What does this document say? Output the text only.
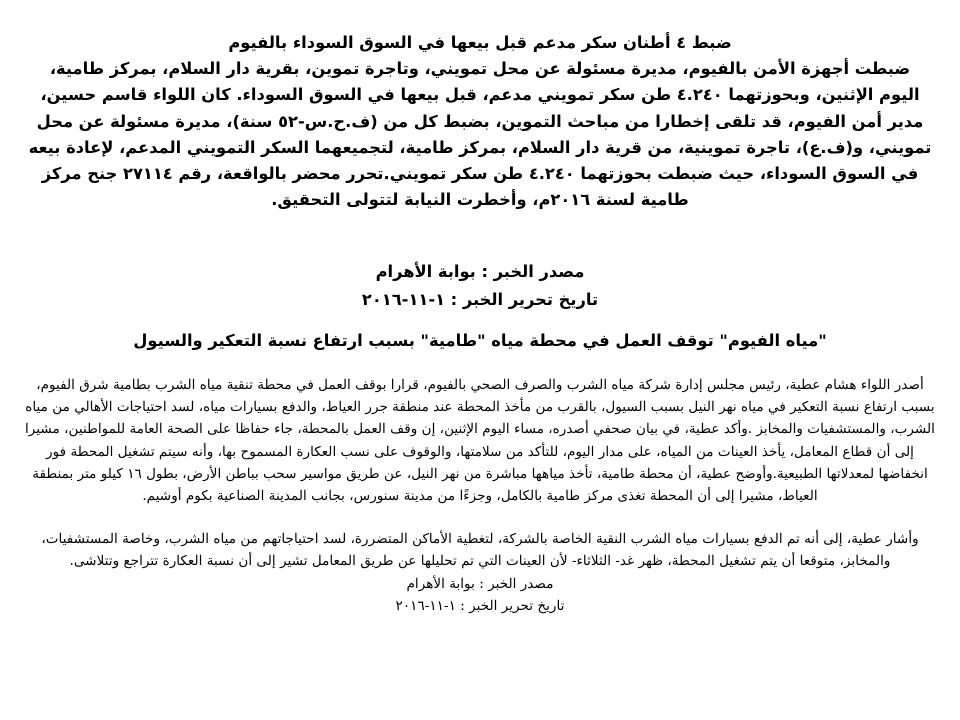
ضبط ٤ أطنان سكر مدعم قبل بيعها في السوق السوداء بالفيوم

ضبطت أجهزة الأمن بالفيوم، مديرة مسئولة عن محل تمويني، وتاجرة تموين، بقرية دار السلام، بمركز طامية، اليوم الإثنين، وبحوزتهما ٤.٢٤٠ طن سكر تمويني مدعم، قبل بيعها في السوق السوداء. كان اللواء قاسم حسين، مدير أمن الفيوم، قد تلقى إخطارا من مباحث التموين، بضبط كل من (ف.ح.س-٥٢ سنة)، مديرة مسئولة عن محل تمويني، و(ف.ع)، تاجرة تموينية، من قرية دار السلام، بمركز طامية، لتجميعهما السكر التمويني المدعم، لإعادة بيعه في السوق السوداء، حيث ضبطت بحوزتهما ٤.٢٤٠ طن سكر تمويني.تحرر محضر بالواقعة، رقم ٢٧١١٤ جنح مركز طامية لسنة ٢٠١٦م، وأخطرت النيابة لتتولى التحقيق.

مصدر الخبر : بوابة الأهرام
تاريخ تحرير الخبر : ١-١١-٢٠١٦

"مياه الفيوم" توقف العمل في محطة مياه "طامية" بسبب ارتفاع نسبة التعكير والسيول

أصدر اللواء هشام عطية، رئيس مجلس إدارة شركة مياه الشرب والصرف الصحي بالفيوم، قرارا بوقف العمل في محطة تنقية مياه الشرب بطامية شرق الفيوم، بسبب ارتفاع نسبة التعكير في مياه نهر النيل بسبب السيول، بالقرب من مأخذ المحطة عند منطقة جرر العياط، والدفع بسيارات مياه، لسد احتياجات الأهالي من مياه الشرب، والمستشفيات والمخابز .وأكد عطية، في بيان صحفي أصدره، مساء اليوم الإثنين، إن وقف العمل بالمحطة، جاء حفاظا على الصحة العامة للمواطنين، مشيرا إلى أن قطاع المعامل، يأخذ العينات من المياه، على مدار اليوم، للتأكد من سلامتها، والوقوف على نسب العكارة المسموح بها، وأنه سيتم تشغيل المحطة فور انخفاضها لمعدلاتها الطبيعية.وأوضح عطية، أن محطة طامية، تأخذ مياهها مباشرة من نهر النيل، عن طريق مواسير سحب بباطن الأرض، بطول ١٦ كيلو متر بمنطقة العياط، مشيرا إلى أن المحطة تغذى مركز طامية بالكامل، وجزءًا من مدينة سنورس، بجانب المدينة الصناعية بكوم أوشيم.

وأشار عطية، إلى أنه تم الدفع بسيارات مياه الشرب النقية الخاصة بالشركة، لتغطية الأماكن المتضررة، لسد احتياجاتهم من مياه الشرب، وخاصة المستشفيات، والمخابز، متوقعا أن يتم تشغيل المحطة، ظهر غد- الثلاثاء- لأن العينات التي تم تحليلها عن طريق المعامل تشير إلى أن نسبة العكارة تتراجع وتتلاشى.

مصدر الخبر : بوابة الأهرام

تاريخ تحرير الخبر : ١-١١-٢٠١٦
